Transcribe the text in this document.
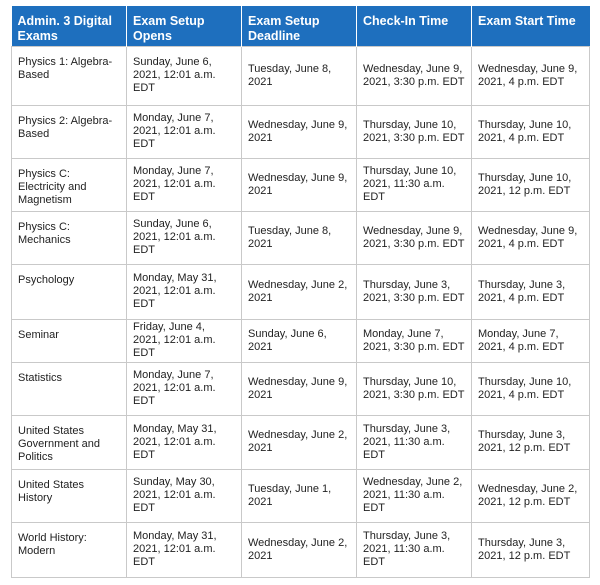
Admin. 3 Digital Exams	Exam Setup Opens	Exam Setup Deadline	Check-In Time	Exam Start Time
Physics 1: Algebra-Based	Sunday, June 6, 2021, 12:01 a.m. EDT	Tuesday, June 8, 2021	Wednesday, June 9, 2021, 3:30 p.m. EDT	Wednesday, June 9, 2021, 4 p.m. EDT
Physics 2: Algebra-Based	Monday, June 7, 2021, 12:01 a.m. EDT	Wednesday, June 9, 2021	Thursday, June 10, 2021, 3:30 p.m. EDT	Thursday, June 10, 2021, 4 p.m. EDT
Physics C: Electricity and Magnetism	Monday, June 7, 2021, 12:01 a.m. EDT	Wednesday, June 9, 2021	Thursday, June 10, 2021, 11:30 a.m. EDT	Thursday, June 10, 2021, 12 p.m. EDT
Physics C: Mechanics	Sunday, June 6, 2021, 12:01 a.m. EDT	Tuesday, June 8, 2021	Wednesday, June 9, 2021, 3:30 p.m. EDT	Wednesday, June 9, 2021, 4 p.m. EDT
Psychology	Monday, May 31, 2021, 12:01 a.m. EDT	Wednesday, June 2, 2021	Thursday, June 3, 2021, 3:30 p.m. EDT	Thursday, June 3, 2021, 4 p.m. EDT
Seminar	Friday, June 4, 2021, 12:01 a.m. EDT	Sunday, June 6, 2021	Monday, June 7, 2021, 3:30 p.m. EDT	Monday, June 7, 2021, 4 p.m. EDT
Statistics	Monday, June 7, 2021, 12:01 a.m. EDT	Wednesday, June 9, 2021	Thursday, June 10, 2021, 3:30 p.m. EDT	Thursday, June 10, 2021, 4 p.m. EDT
United States Government and Politics	Monday, May 31, 2021, 12:01 a.m. EDT	Wednesday, June 2, 2021	Thursday, June 3, 2021, 11:30 a.m. EDT	Thursday, June 3, 2021, 12 p.m. EDT
United States History	Sunday, May 30, 2021, 12:01 a.m. EDT	Tuesday, June 1, 2021	Wednesday, June 2, 2021, 11:30 a.m. EDT	Wednesday, June 2, 2021, 12 p.m. EDT
World History: Modern	Monday, May 31, 2021, 12:01 a.m. EDT	Wednesday, June 2, 2021	Thursday, June 3, 2021, 11:30 a.m. EDT	Thursday, June 3, 2021, 12 p.m. EDT
